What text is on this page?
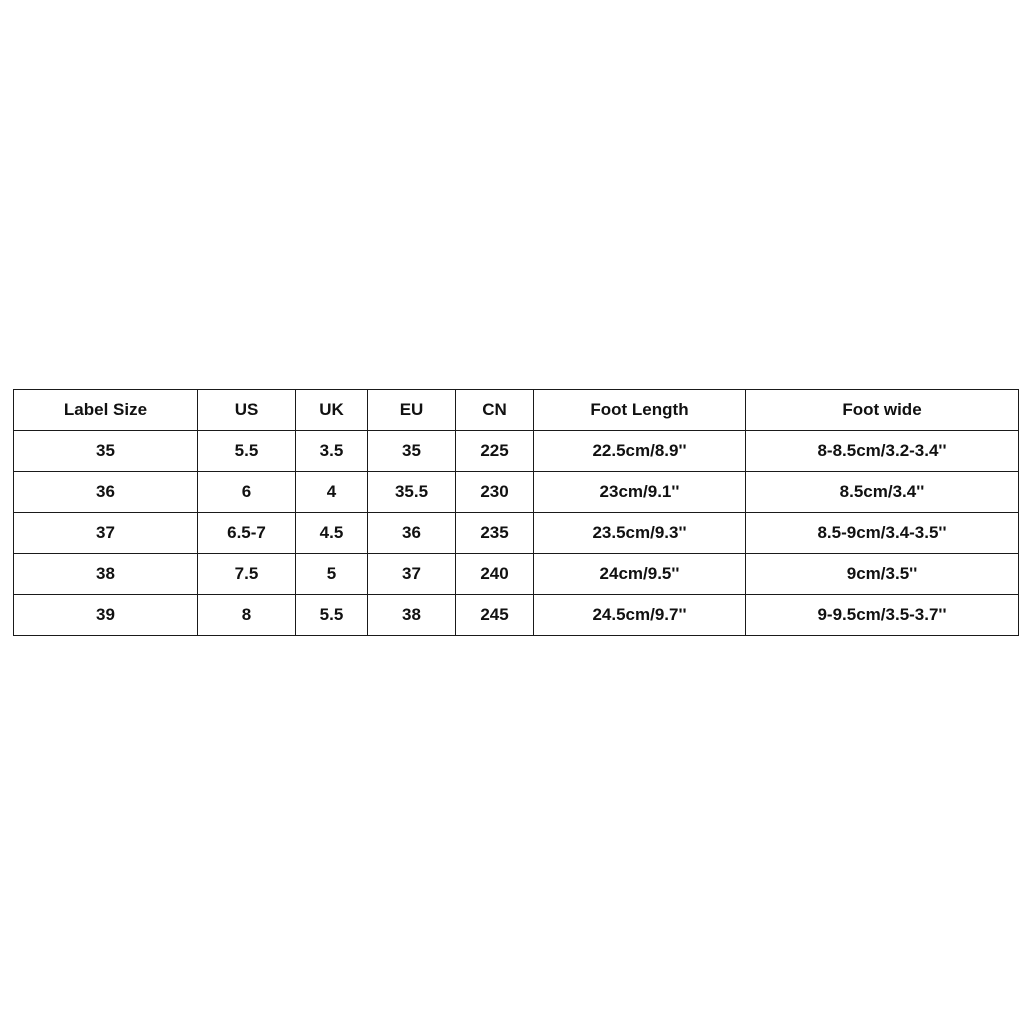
Label Size	US	UK	EU	CN	Foot Length	Foot wide
35	5.5	3.5	35	225	22.5cm/8.9''	8-8.5cm/3.2-3.4''
36	6	4	35.5	230	23cm/9.1''	8.5cm/3.4''
37	6.5-7	4.5	36	235	23.5cm/9.3''	8.5-9cm/3.4-3.5''
38	7.5	5	37	240	24cm/9.5''	9cm/3.5''
39	8	5.5	38	245	24.5cm/9.7''	9-9.5cm/3.5-3.7''
